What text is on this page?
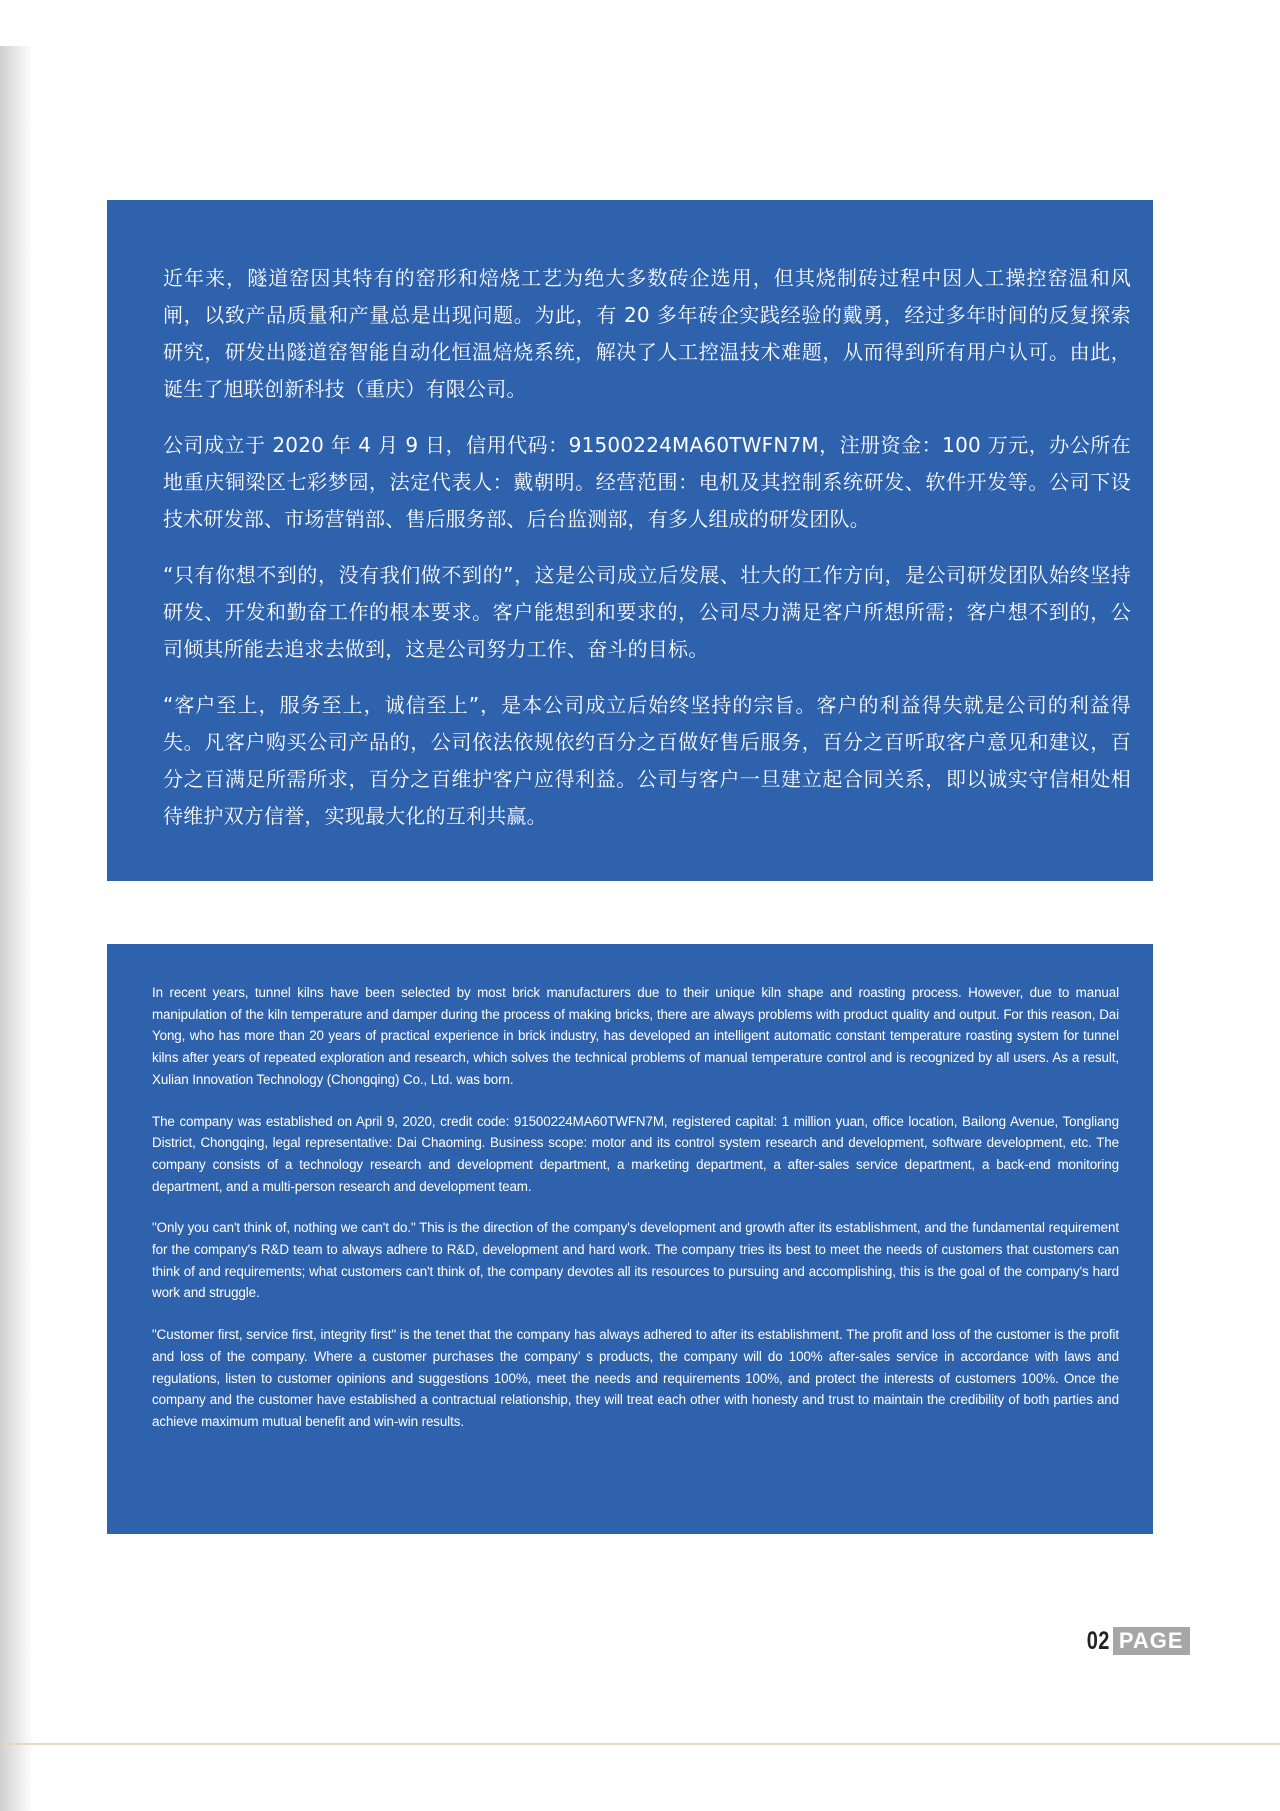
近年来，隧道窑因其特有的窑形和焙烧工艺为绝大多数砖企选用，但其烧制砖过程中因人工操控窑温和风闸，以致产品质量和产量总是出现问题。为此，有 20 多年砖企实践经验的戴勇，经过多年时间的反复探索研究，研发出隧道窑智能自动化恒温焙烧系统，解决了人工控温技术难题，从而得到所有用户认可。由此，诞生了旭联创新科技（重庆）有限公司。

公司成立于 2020 年 4 月 9 日，信用代码：91500224MA60TWFN7M，注册资金：100 万元，办公所在地重庆铜梁区七彩梦园，法定代表人：戴朝明。经营范围：电机及其控制系统研发、软件开发等。公司下设技术研发部、市场营销部、售后服务部、后台监测部，有多人组成的研发团队。

“只有你想不到的，没有我们做不到的”，这是公司成立后发展、壮大的工作方向，是公司研发团队始终坚持研发、开发和勤奋工作的根本要求。客户能想到和要求的，公司尽力满足客户所想所需；客户想不到的，公司倾其所能去追求去做到，这是公司努力工作、奋斗的目标。

“客户至上，服务至上，诚信至上”，是本公司成立后始终坚持的宗旨。客户的利益得失就是公司的利益得失。凡客户购买公司产品的，公司依法依规依约百分之百做好售后服务，百分之百听取客户意见和建议，百分之百满足所需所求，百分之百维护客户应得利益。公司与客户一旦建立起合同关系，即以诚实守信相处相待维护双方信誉，实现最大化的互利共赢。

In recent years, tunnel kilns have been selected by most brick manufacturers due to their unique kiln shape and roasting process. However, due to manual manipulation of the kiln temperature and damper during the process of making bricks, there are always problems with product quality and output. For this reason, Dai Yong, who has more than 20 years of practical experience in brick industry, has developed an intelligent automatic constant temperature roasting system for tunnel kilns after years of repeated exploration and research, which solves the technical problems of manual temperature control and is recognized by all users. As a result, Xulian Innovation Technology (Chongqing) Co., Ltd. was born.

The company was established on April 9, 2020, credit code: 91500224MA60TWFN7M, registered capital: 1 million yuan, office location, Bailong Avenue, Tongliang District, Chongqing, legal representative: Dai Chaoming. Business scope: motor and its control system research and development, software development, etc. The company consists of a technology research and development department, a marketing department, a after-sales service department, a back-end monitoring department, and a multi-person research and development team.

"Only you can't think of, nothing we can't do." This is the direction of the company's development and growth after its establishment, and the fundamental requirement for the company's R&D team to always adhere to R&D, development and hard work. The company tries its best to meet the needs of customers that customers can think of and requirements; what customers can't think of, the company devotes all its resources to pursuing and accomplishing, this is the goal of the company's hard work and struggle.

"Customer first, service first, integrity first" is the tenet that the company has always adhered to after its establishment. The profit and loss of the customer is the profit and loss of the company. Where a customer purchases the company’ s products, the company will do 100% after-sales service in accordance with laws and regulations, listen to customer opinions and suggestions 100%, meet the needs and requirements 100%, and protect the interests of customers 100%. Once the company and the customer have established a contractual relationship, they will treat each other with honesty and trust to maintain the credibility of both parties and achieve maximum mutual benefit and win-win results.

02 PAGE
